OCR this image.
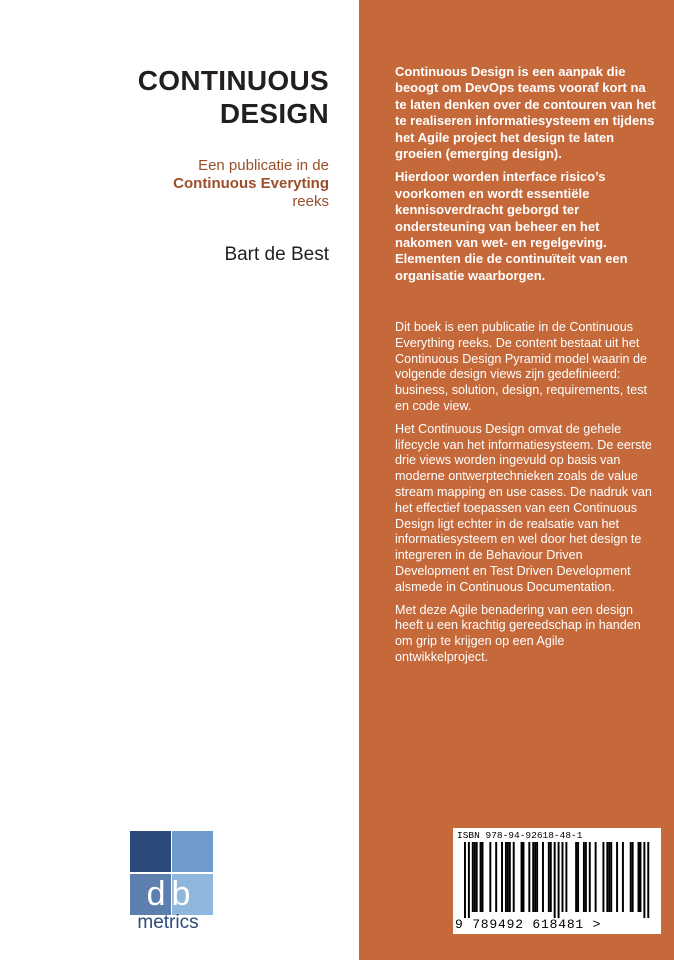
CONTINUOUS
DESIGN
Een publicatie in de
Continuous Everyting
reeks
Bart de Best

Continuous Design is een aanpak die beoogt om DevOps teams vooraf kort na te laten denken over de contouren van het te realiseren informatiesysteem en tijdens het Agile project het design te laten groeien (emerging design).

Hierdoor worden interface risico’s voorkomen en wordt essentiële kennisoverdracht geborgd ter ondersteuning van beheer en het nakomen van wet- en regelgeving. Elementen die de continuïteit van een organisatie waarborgen.

Dit boek is een publicatie in de Continuous Everything reeks. De content bestaat uit het Continuous Design Pyramid model waarin de volgende design views zijn gedefinieerd: business, solution, design, requirements, test en code view.

Het Continuous Design omvat de gehele lifecycle van het informatiesysteem. De eerste drie views worden ingevuld op basis van moderne ontwerptechnieken zoals de value stream mapping en use cases. De nadruk van het effectief toepassen van een Continuous Design ligt echter in de realsatie van het informatiesysteem en wel door het design te integreren in de Behaviour Driven Development en Test Driven Development alsmede in Continuous Documentation.

Met deze Agile benadering van een design heeft u een krachtig gereedschap in handen om grip te krijgen op een Agile ontwikkelproject.

db
metrics
ISBN 978-94-92618-48-1
9 789492 618481 >
